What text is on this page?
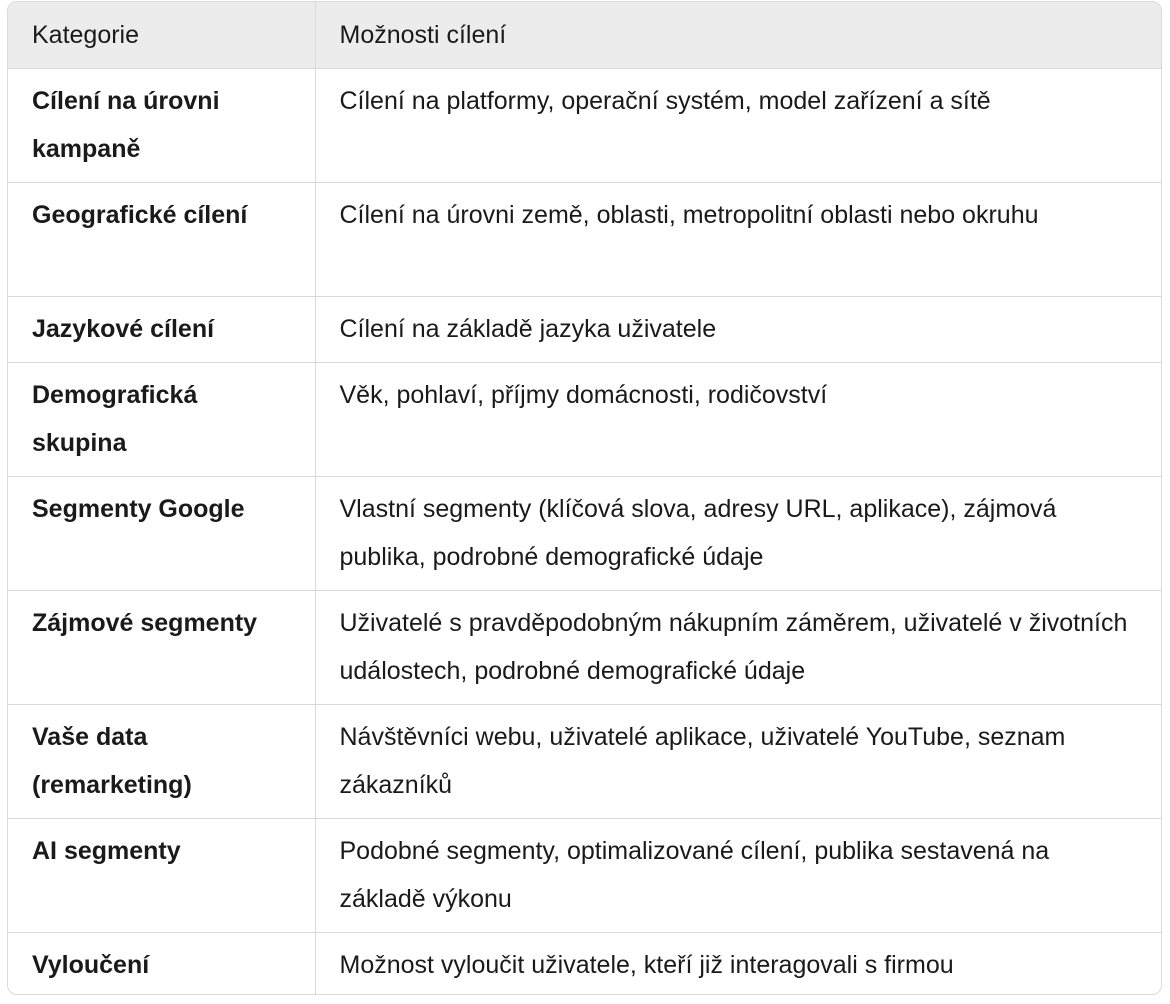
Kategorie	Možnosti cílení
Cílení na úrovni kampaně	Cílení na platformy, operační systém, model zařízení a sítě
Geografické cílení	Cílení na úrovni země, oblasti, metropolitní oblasti nebo okruhu
Jazykové cílení	Cílení na základě jazyka uživatele
Demografická skupina	Věk, pohlaví, příjmy domácnosti, rodičovství
Segmenty Google	Vlastní segmenty (klíčová slova, adresy URL, aplikace), zájmová publika, podrobné demografické údaje
Zájmové segmenty	Uživatelé s pravděpodobným nákupním záměrem, uživatelé v životních událostech, podrobné demografické údaje
Vaše data (remarketing)	Návštěvníci webu, uživatelé aplikace, uživatelé YouTube, seznam zákazníků
AI segmenty	Podobné segmenty, optimalizované cílení, publika sestavená na základě výkonu
Vyloučení	Možnost vyloučit uživatele, kteří již interagovali s firmou
